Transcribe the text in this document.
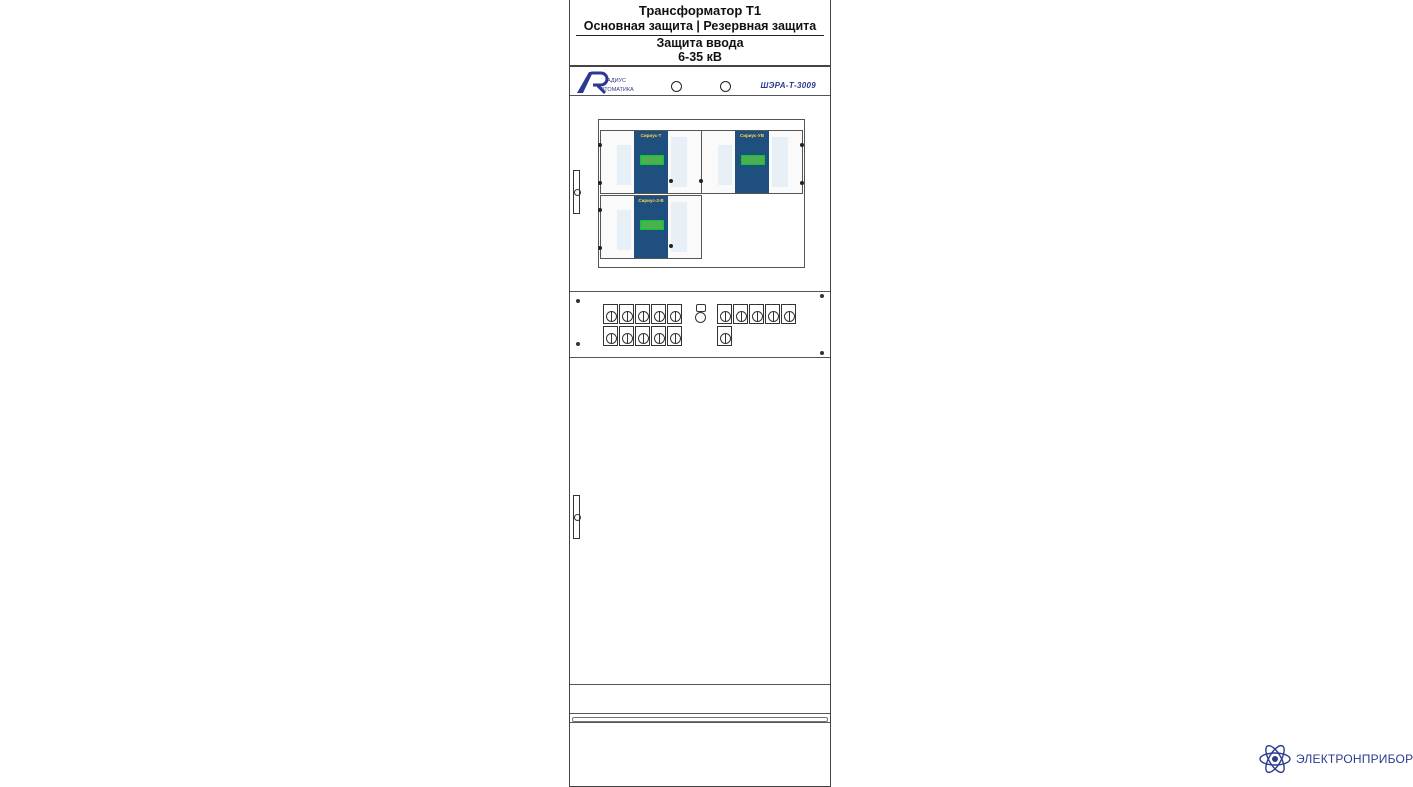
Трансформатор Т1
Основная защита | Резервная защита
Защита ввода
6-35 кВ
АДИУС
ВТОМАТИКА	ШЭРА-Т-3009
Сириус-Т	Сириус-УВ
Сириус-2-В
ЭЛЕКТРОНПРИБОР
